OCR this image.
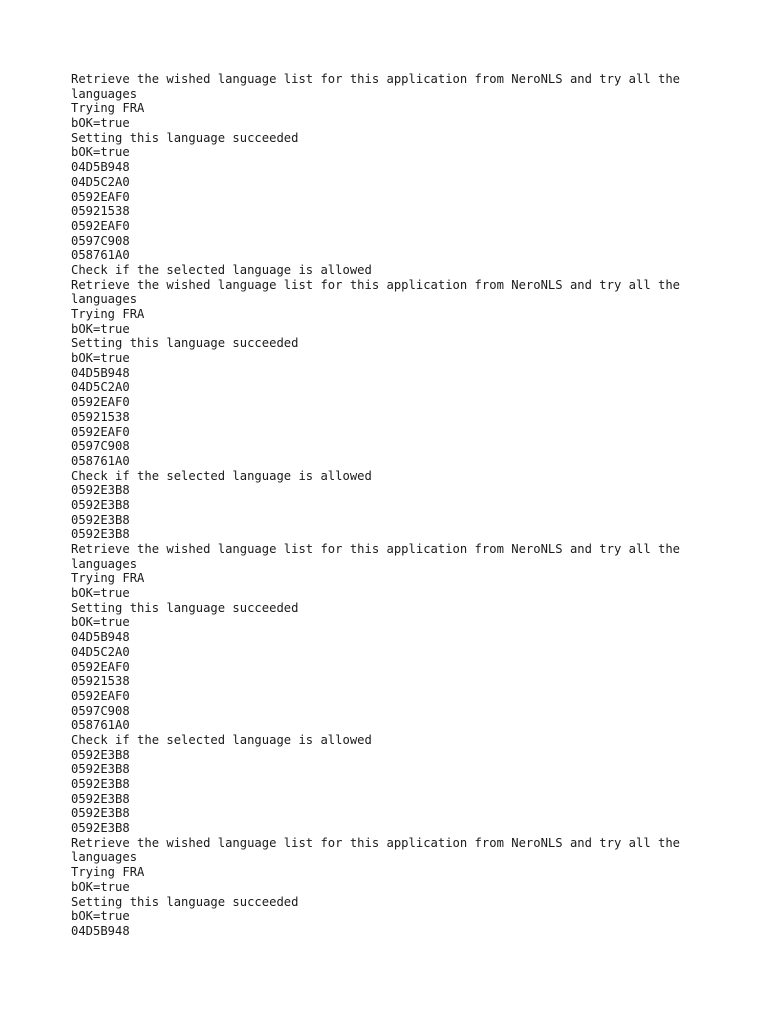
Retrieve the wished language list for this application from NeroNLS and try all the
languages
Trying FRA
bOK=true
Setting this language succeeded
bOK=true
04D5B948
04D5C2A0
0592EAF0
05921538
0592EAF0
0597C908
058761A0
Check if the selected language is allowed
Retrieve the wished language list for this application from NeroNLS and try all the
languages
Trying FRA
bOK=true
Setting this language succeeded
bOK=true
04D5B948
04D5C2A0
0592EAF0
05921538
0592EAF0
0597C908
058761A0
Check if the selected language is allowed
0592E3B8
0592E3B8
0592E3B8
0592E3B8
Retrieve the wished language list for this application from NeroNLS and try all the
languages
Trying FRA
bOK=true
Setting this language succeeded
bOK=true
04D5B948
04D5C2A0
0592EAF0
05921538
0592EAF0
0597C908
058761A0
Check if the selected language is allowed
0592E3B8
0592E3B8
0592E3B8
0592E3B8
0592E3B8
0592E3B8
Retrieve the wished language list for this application from NeroNLS and try all the
languages
Trying FRA
bOK=true
Setting this language succeeded
bOK=true
04D5B948
